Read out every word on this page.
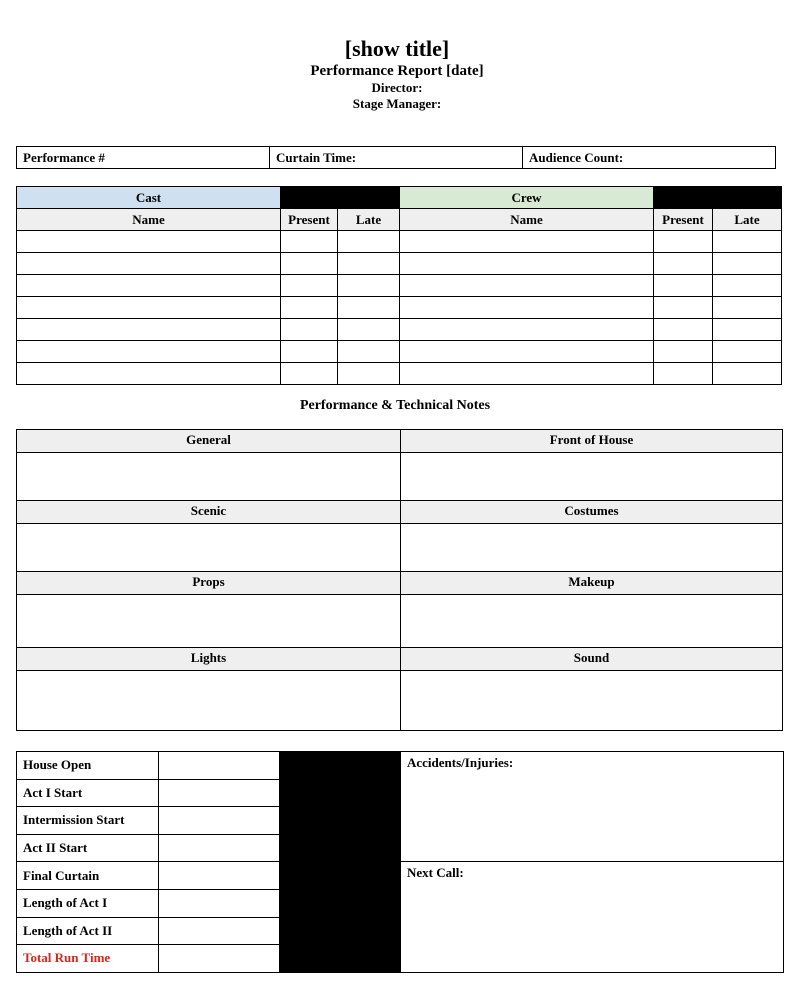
[show title]
Performance Report [date]
Director:
Stage Manager:
Performance #	Curtain Time:	Audience Count:
Cast			Crew		
Name	Present	Late	Name	Present	Late

Performance & Technical Notes
General	Front of House

Scenic	Costumes

Props	Makeup

Lights	Sound

House Open			Accidents/Injuries:
Act I Start			
Intermission Start			
Act II Start			
Final Curtain			Next Call:
Length of Act I			
Length of Act II			
Total Run Time			
